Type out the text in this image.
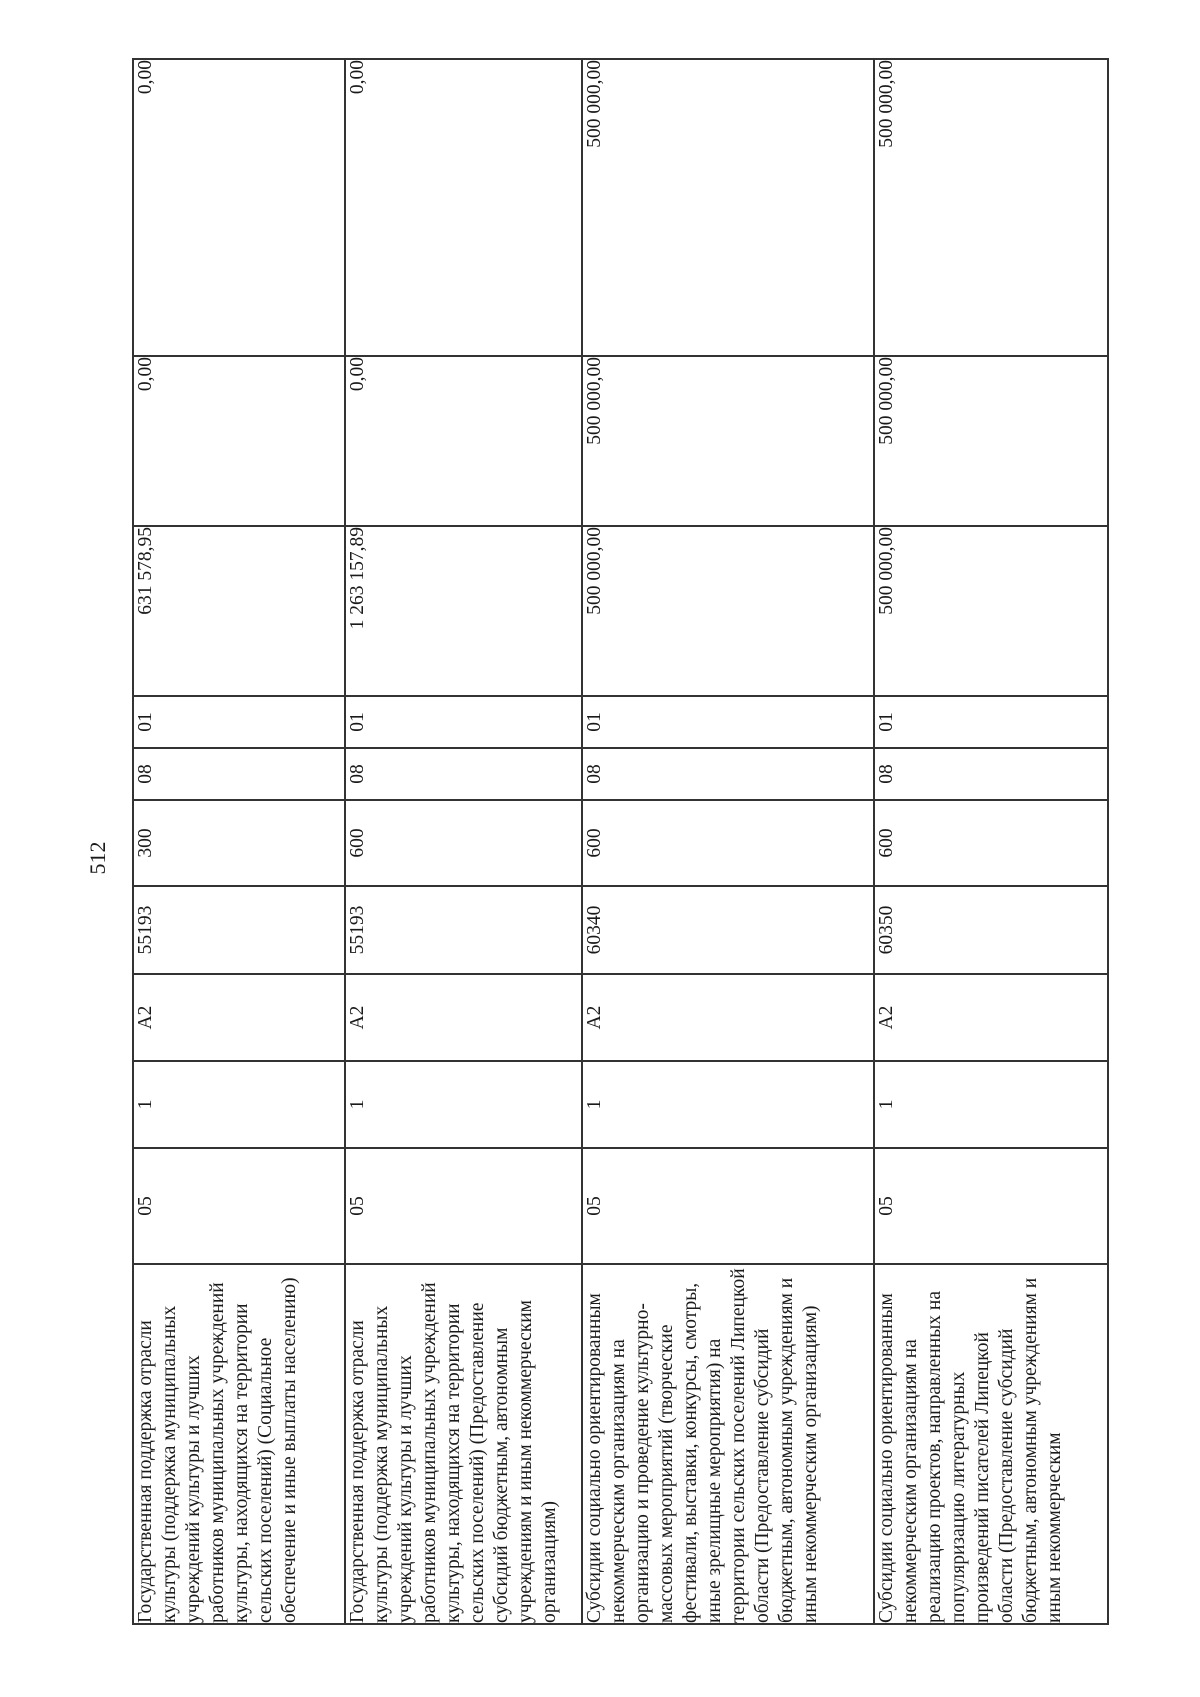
512
Государственная поддержка отрасли культуры (поддержка муниципальных учреждений культуры и лучших работников муниципальных учреждений культуры, находящихся на территории сельских поселений) (Социальное обеспечение и иные выплаты населению)	05	1	A2	55193	300	08	01	631 578,95	0,00	0,00
Государственная поддержка отрасли культуры (поддержка муниципальных учреждений культуры и лучших работников муниципальных учреждений культуры, находящихся на территории сельских поселений) (Предоставление субсидий бюджетным, автономным учреждениям и иным некоммерческим организациям)	05	1	A2	55193	600	08	01	1 263 157,89	0,00	0,00
Субсидии социально ориентированным некоммерческим организациям на организацию и проведение культурно-массовых мероприятий (творческие фестивали, выставки, конкурсы, смотры, иные зрелищные мероприятия) на территории сельских поселений Липецкой области (Предоставление субсидий бюджетным, автономным учреждениям и иным некоммерческим организациям)	05	1	A2	60340	600	08	01	500 000,00	500 000,00	500 000,00
Субсидии социально ориентированным некоммерческим организациям на реализацию проектов, направленных на популяризацию литературных произведений писателей Липецкой области (Предоставление субсидий бюджетным, автономным учреждениям и иным некоммерческим	05	1	A2	60350	600	08	01	500 000,00	500 000,00	500 000,00
